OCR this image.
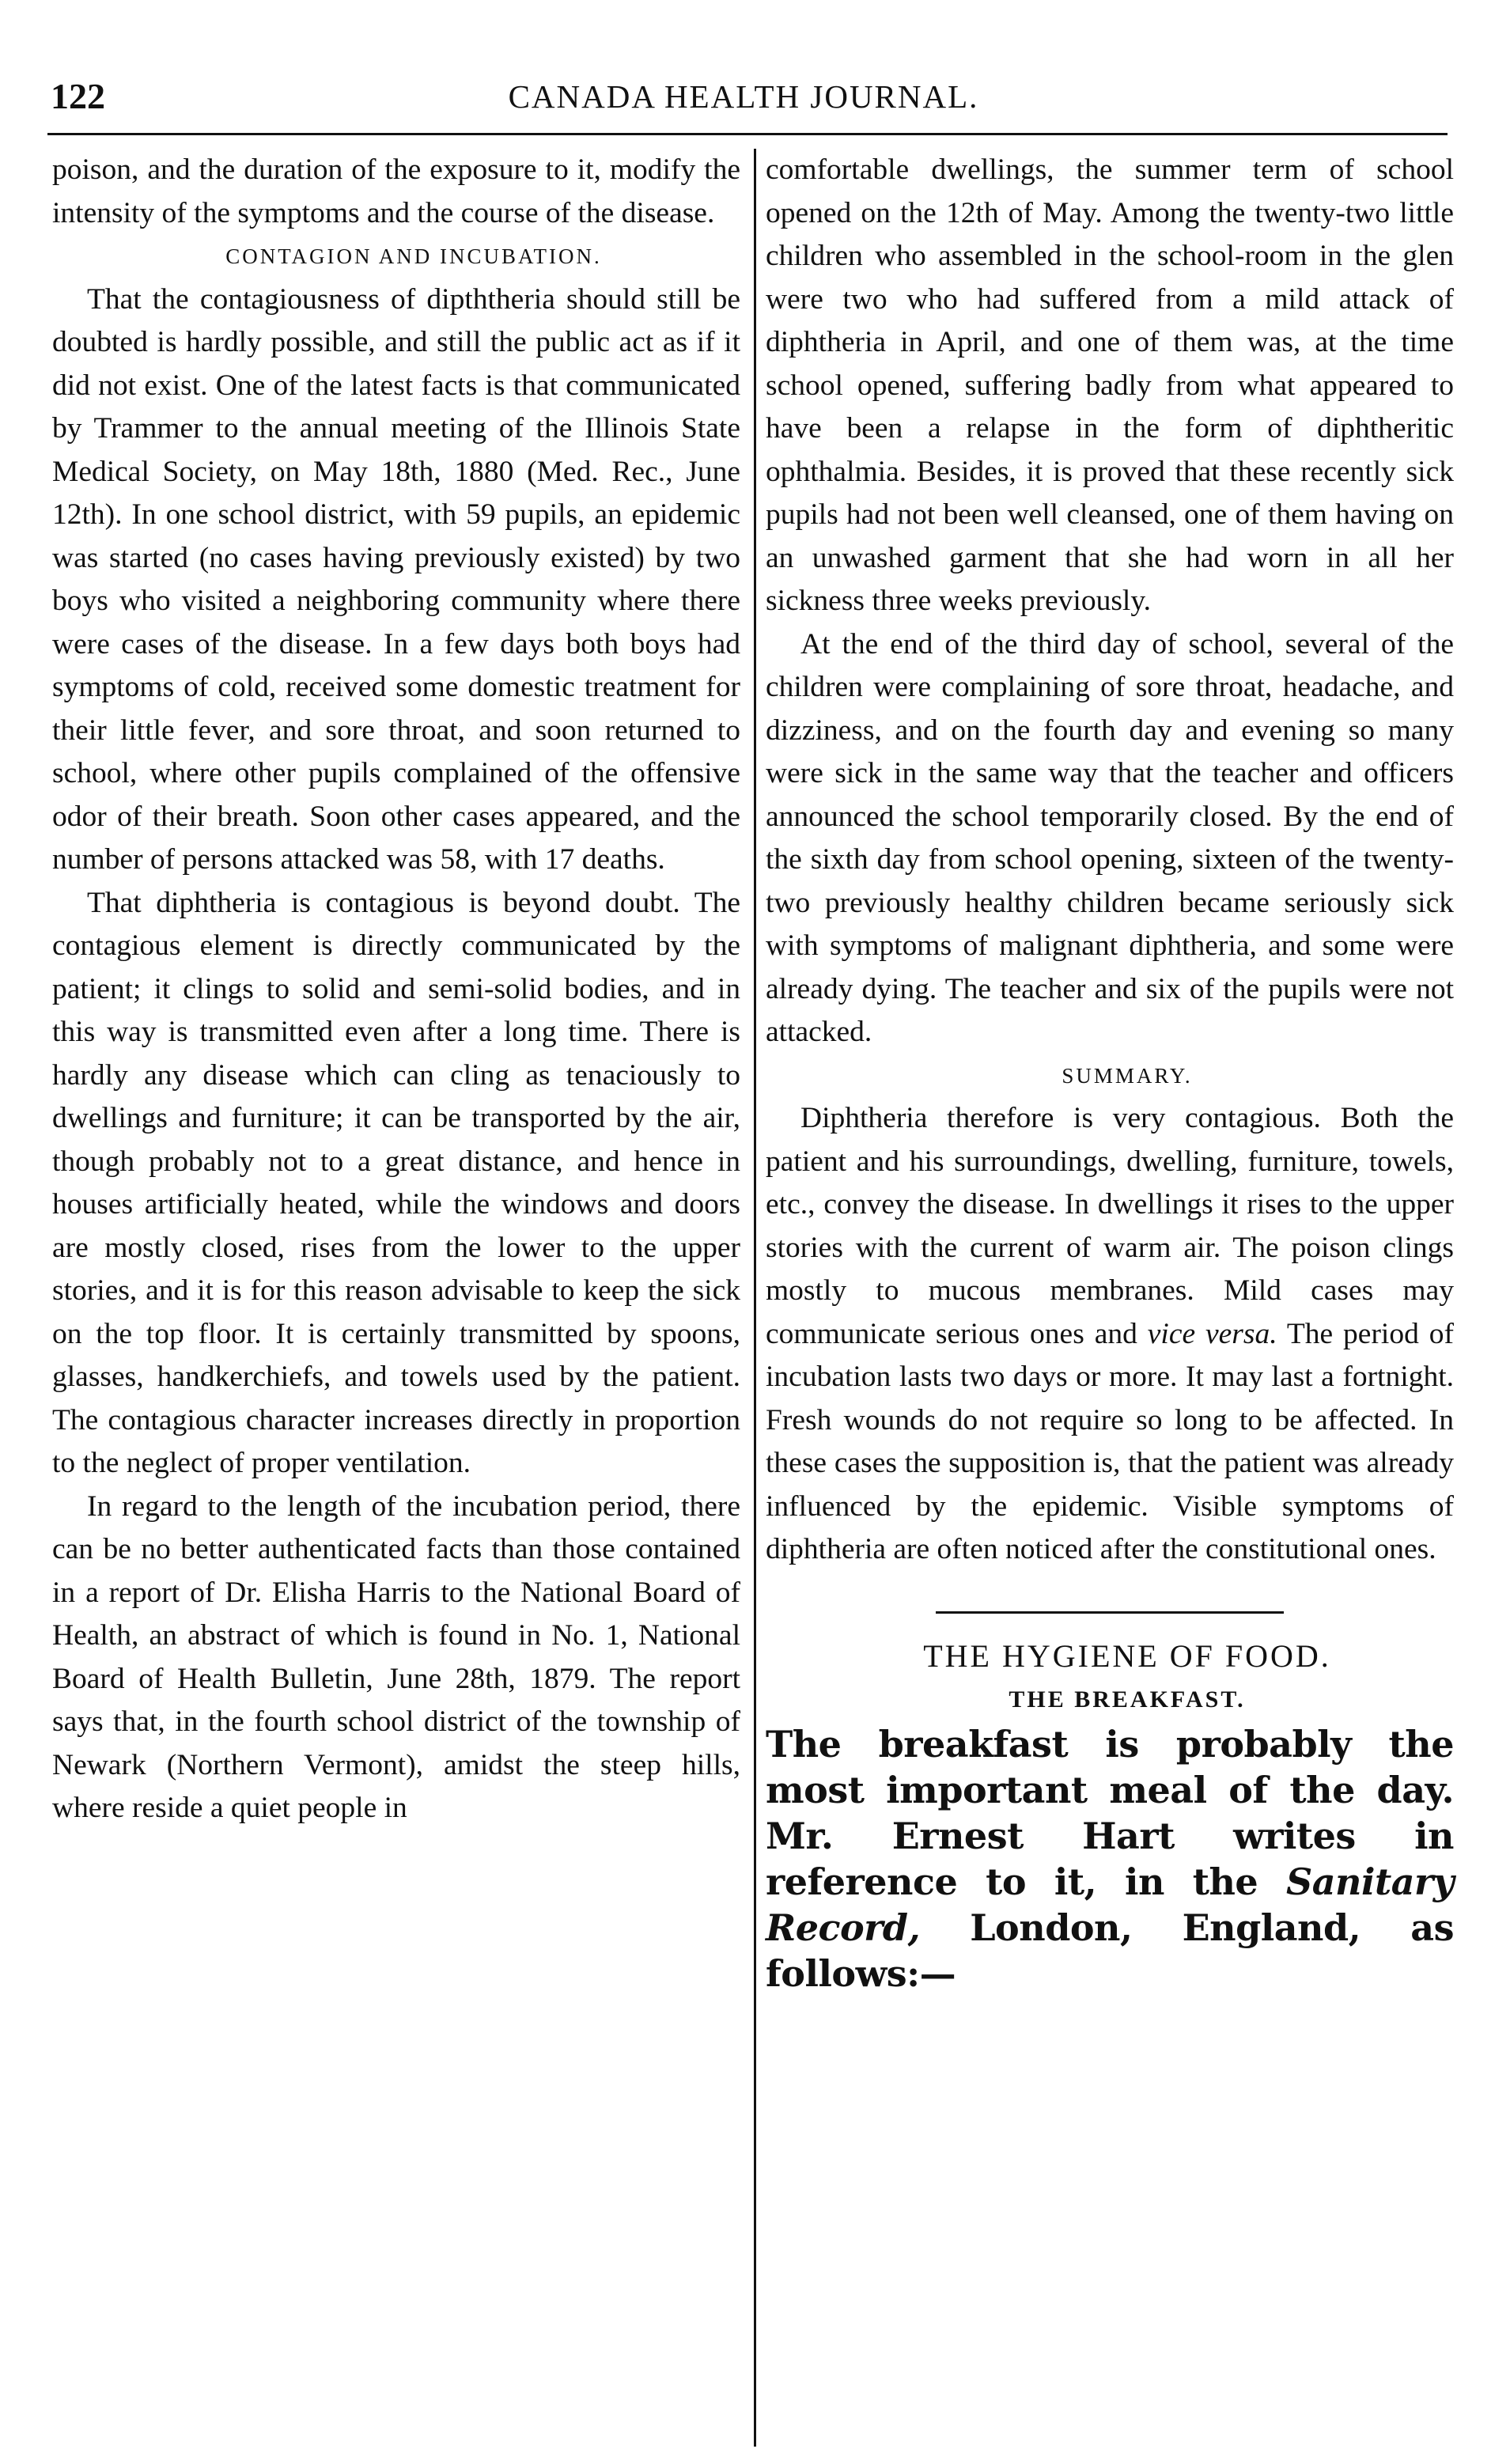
122	CANADA HEALTH JOURNAL.

poison, and the duration of the exposure to it, modify the intensity of the symptoms and the course of the disease.

CONTAGION AND INCUBATION.

That the contagiousness of dipththeria should still be doubted is hardly possible, and still the public act as if it did not exist. One of the latest facts is that communicated by Trammer to the annual meeting of the Illinois State Medical Society, on May 18th, 1880 (Med. Rec., June 12th). In one school district, with 59 pupils, an epidemic was started (no cases having previously existed) by two boys who visited a neighboring community where there were cases of the disease. In a few days both boys had symptoms of cold, received some domestic treatment for their little fever, and sore throat, and soon returned to school, where other pupils complained of the offensive odor of their breath. Soon other cases appeared, and the number of persons attacked was 58, with 17 deaths.

That diphtheria is contagious is beyond doubt. The contagious element is directly communicated by the patient; it clings to solid and semi-solid bodies, and in this way is transmitted even after a long time. There is hardly any disease which can cling as tenaciously to dwellings and furniture; it can be transported by the air, though probably not to a great distance, and hence in houses artificially heated, while the windows and doors are mostly closed, rises from the lower to the upper stories, and it is for this reason advisable to keep the sick on the top floor. It is certainly transmitted by spoons, glasses, handkerchiefs, and towels used by the patient. The contagious character increases directly in proportion to the neglect of proper ventilation.

In regard to the length of the incubation period, there can be no better authenticated facts than those contained in a report of Dr. Elisha Harris to the National Board of Health, an abstract of which is found in No. 1, National Board of Health Bulletin, June 28th, 1879. The report says that, in the fourth school district of the township of Newark (Northern Vermont), amidst the steep hills, where reside a quiet people in

comfortable dwellings, the summer term of school opened on the 12th of May. Among the twenty-two little children who assembled in the school-room in the glen were two who had suffered from a mild attack of diphtheria in April, and one of them was, at the time school opened, suffering badly from what appeared to have been a relapse in the form of diphtheritic ophthalmia. Besides, it is proved that these recently sick pupils had not been well cleansed, one of them having on an unwashed garment that she had worn in all her sickness three weeks previously.

At the end of the third day of school, several of the children were complaining of sore throat, headache, and dizziness, and on the fourth day and evening so many were sick in the same way that the teacher and officers announced the school temporarily closed. By the end of the sixth day from school opening, sixteen of the twenty-two previously healthy children became seriously sick with symptoms of malignant diphtheria, and some were already dying. The teacher and six of the pupils were not attacked.

SUMMARY.

Diphtheria therefore is very contagious. Both the patient and his surroundings, dwelling, furniture, towels, etc., convey the disease. In dwellings it rises to the upper stories with the current of warm air. The poison clings mostly to mucous membranes. Mild cases may communicate serious ones and vice versa. The period of incubation lasts two days or more. It may last a fortnight. Fresh wounds do not require so long to be affected. In these cases the supposition is, that the patient was already influenced by the epidemic. Visible symptoms of diphtheria are often noticed after the constitutional ones.

THE HYGIENE OF FOOD.

THE BREAKFAST.

The breakfast is probably the most important meal of the day. Mr. Ernest Hart writes in reference to it, in the Sanitary Record, London, England, as follows:—
